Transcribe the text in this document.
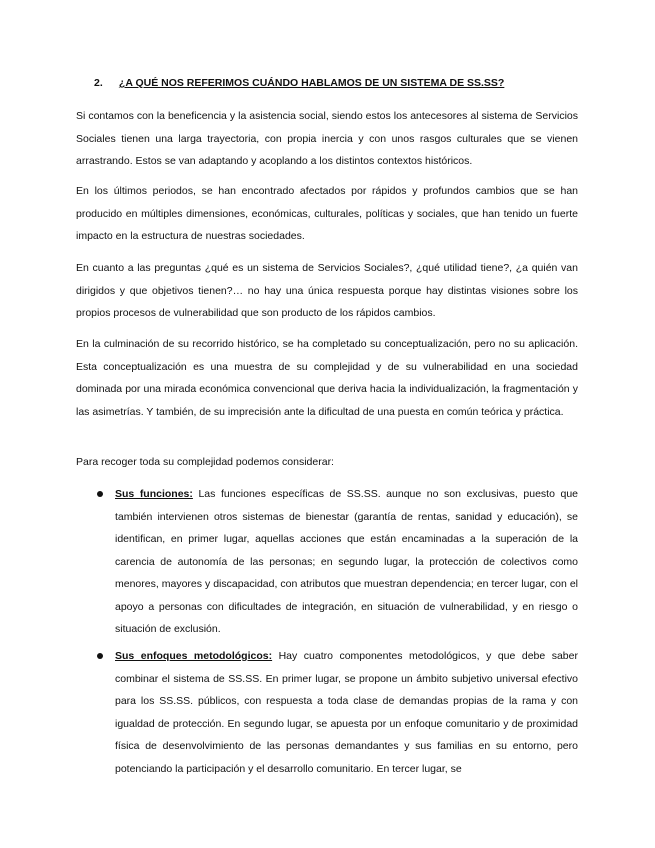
2. ¿A QUÉ NOS REFERIMOS CUÁNDO HABLAMOS DE UN SISTEMA DE SS.SS?

Si contamos con la beneficencia y la asistencia social, siendo estos los antecesores al sistema de Servicios Sociales tienen una larga trayectoria, con propia inercia y con unos rasgos culturales que se vienen arrastrando. Estos se van adaptando y acoplando a los distintos contextos históricos.

En los últimos periodos, se han encontrado afectados por rápidos y profundos cambios que se han producido en múltiples dimensiones, económicas, culturales, políticas y sociales, que han tenido un fuerte impacto en la estructura de nuestras sociedades.

En cuanto a las preguntas ¿qué es un sistema de Servicios Sociales?, ¿qué utilidad tiene?, ¿a quién van dirigidos y que objetivos tienen?… no hay una única respuesta porque hay distintas visiones sobre los propios procesos de vulnerabilidad que son producto de los rápidos cambios.

En la culminación de su recorrido histórico, se ha completado su conceptualización, pero no su aplicación. Esta conceptualización es una muestra de su complejidad y de su vulnerabilidad en una sociedad dominada por una mirada económica convencional que deriva hacia la individualización, la fragmentación y las asimetrías. Y también, de su imprecisión ante la dificultad de una puesta en común teórica y práctica.

Para recoger toda su complejidad podemos considerar:

Sus funciones: Las funciones específicas de SS.SS. aunque no son exclusivas, puesto que también intervienen otros sistemas de bienestar (garantía de rentas, sanidad y educación), se identifican, en primer lugar, aquellas acciones que están encaminadas a la superación de la carencia de autonomía de las personas; en segundo lugar, la protección de colectivos como menores, mayores y discapacidad, con atributos que muestran dependencia; en tercer lugar, con el apoyo a personas con dificultades de integración, en situación de vulnerabilidad, y en riesgo o situación de exclusión.

Sus enfoques metodológicos: Hay cuatro componentes metodológicos, y que debe saber combinar el sistema de SS.SS. En primer lugar, se propone un ámbito subjetivo universal efectivo para los SS.SS. públicos, con respuesta a toda clase de demandas propias de la rama y con igualdad de protección. En segundo lugar, se apuesta por un enfoque comunitario y de proximidad física de desenvolvimiento de las personas demandantes y sus familias en su entorno, pero potenciando la participación y el desarrollo comunitario. En tercer lugar, se
